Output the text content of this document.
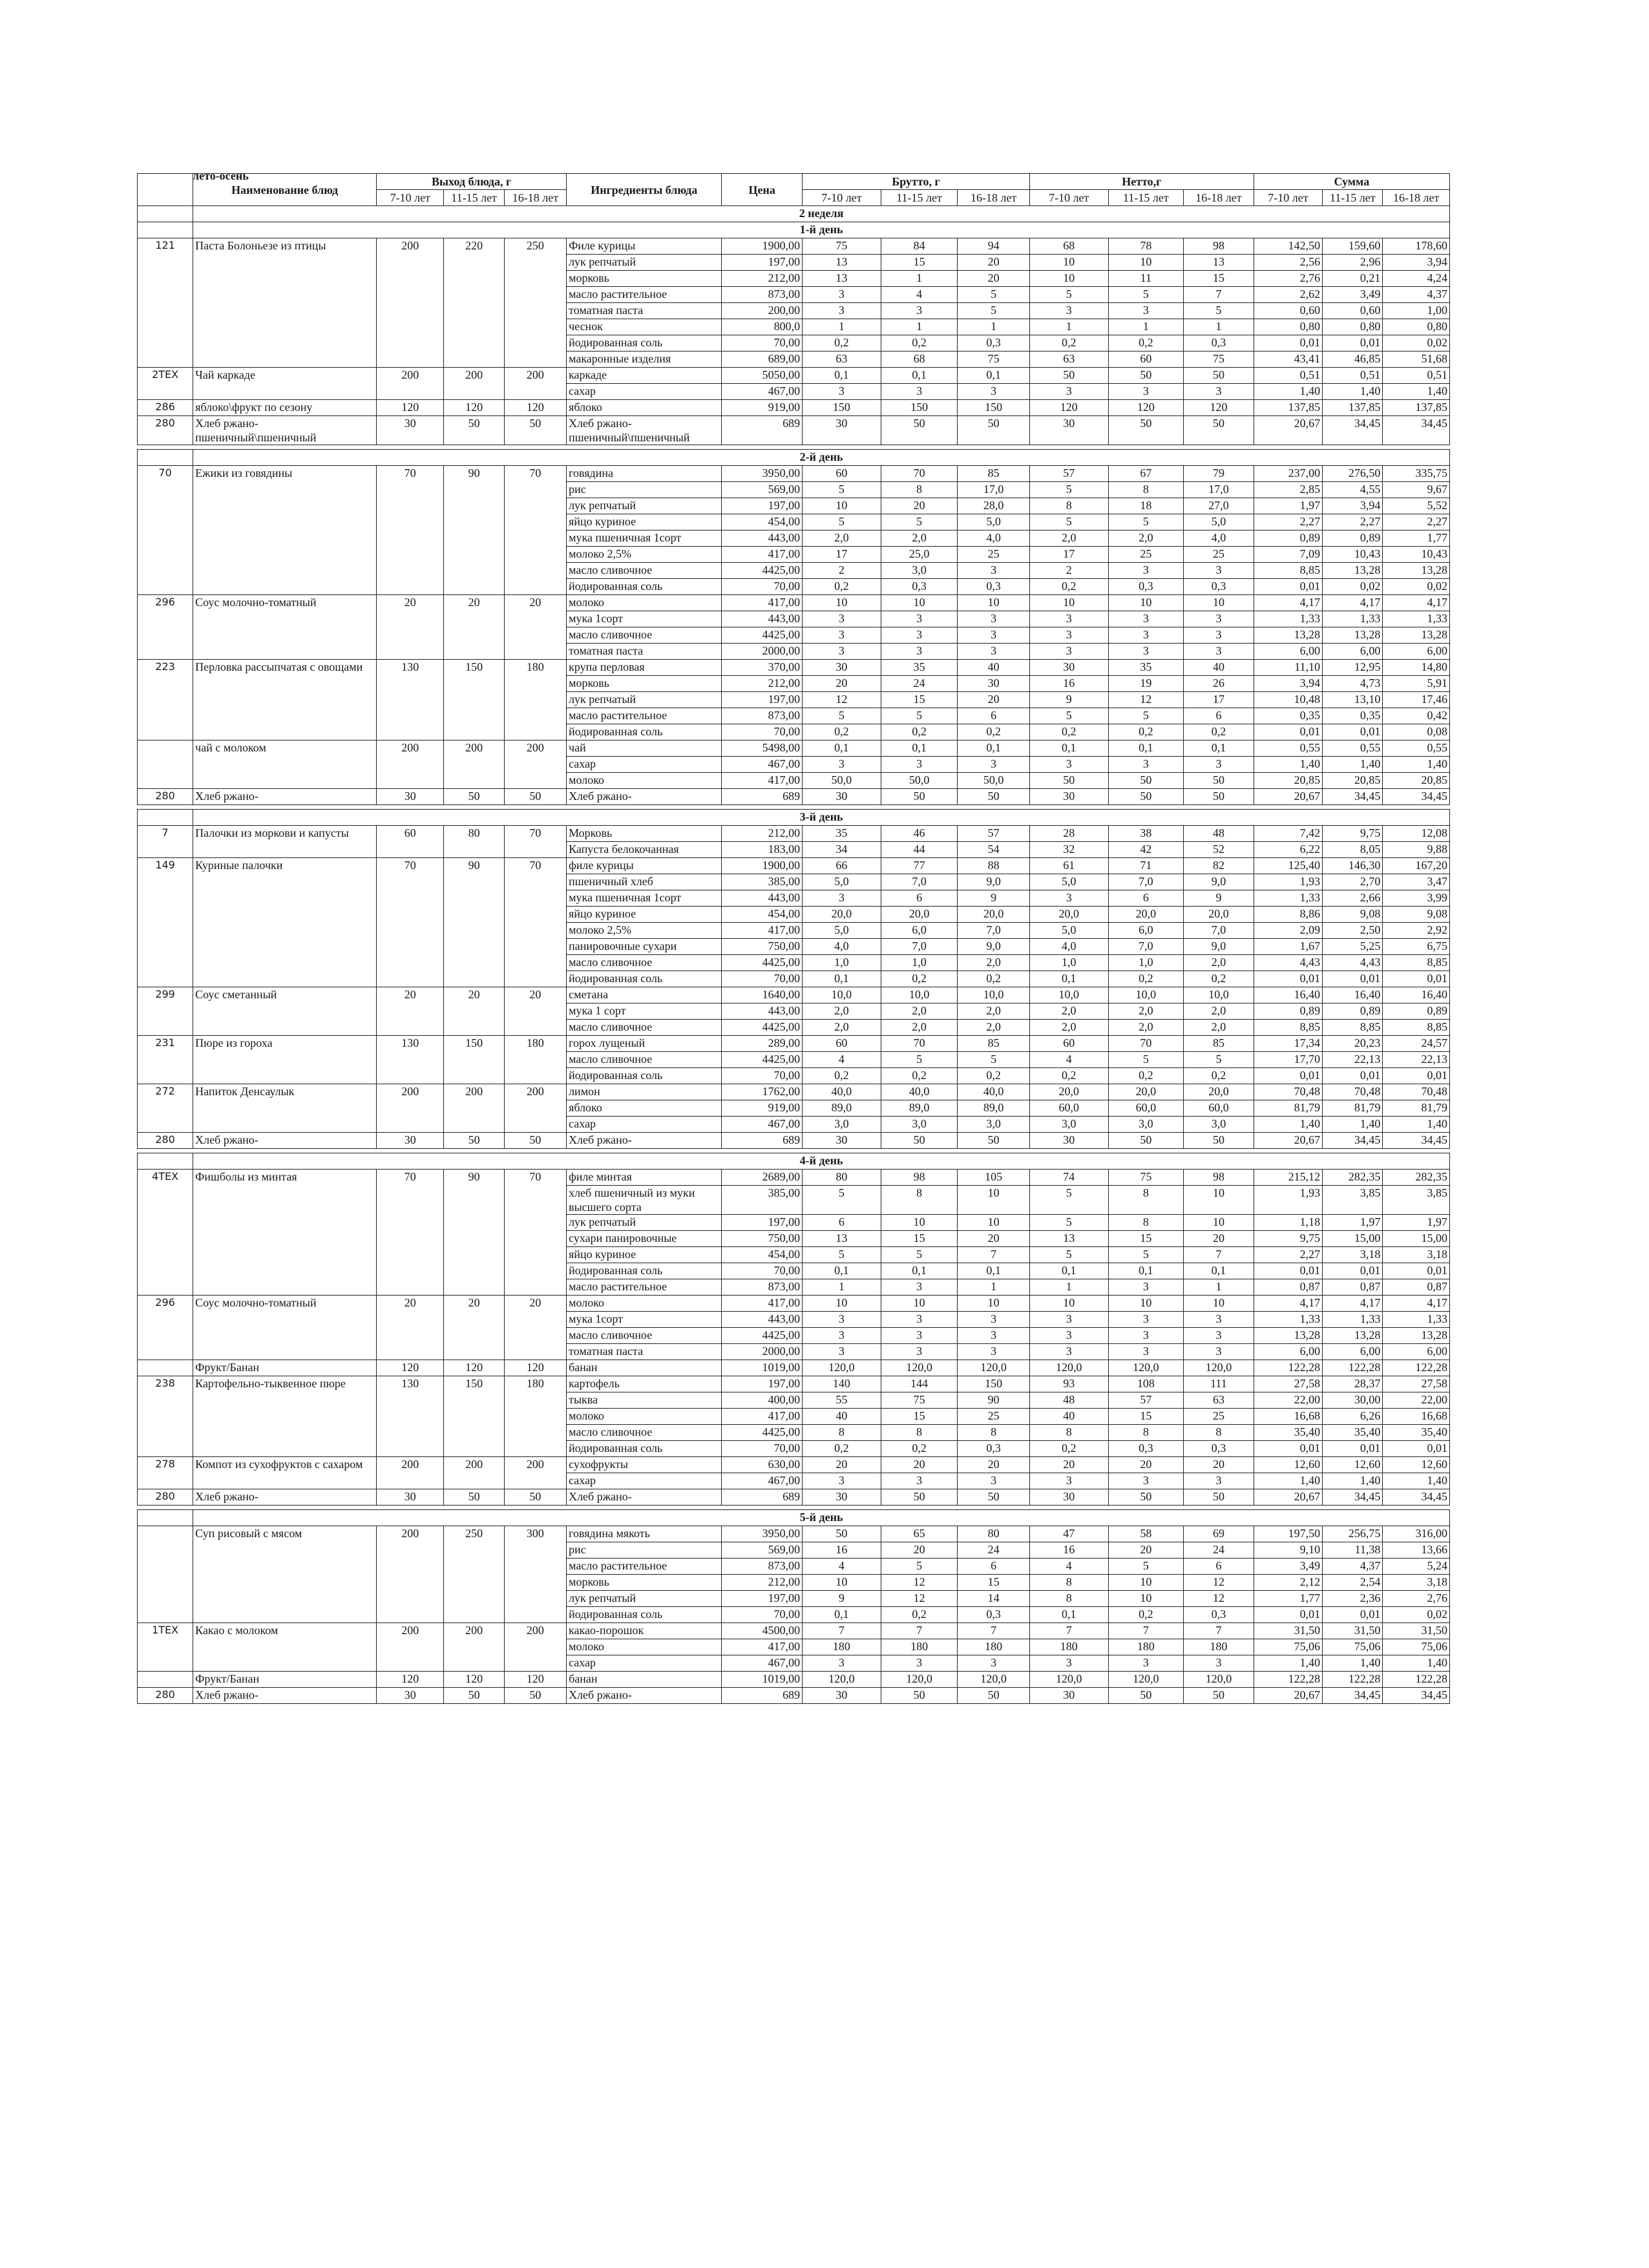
лето-осень
	Наименование блюд	Выход блюда, г			Ингредиенты блюда	Цена	Брутто, г			Нетто,г			Сумма		
		7-10 лет	11-15 лет	16-18 лет			7-10 лет	11-15 лет	16-18 лет	7-10 лет	11-15 лет	16-18 лет	7-10 лет	11-15 лет	16-18 лет
	2 неделя														
	1-й день														
121	Паста Болоньезе из птицы	200	220	250	Филе курицы	1900,00	75	84	94	68	78	98	142,50	159,60	178,60
					лук репчатый	197,00	13	15	20	10	10	13	2,56	2,96	3,94
					морковь	212,00	13	1	20	10	11	15	2,76	0,21	4,24
					масло растительное	873,00	3	4	5	5	5	7	2,62	3,49	4,37
					томатная паста	200,00	3	3	5	3	3	5	0,60	0,60	1,00
					чеснок	800,0	1	1	1	1	1	1	0,80	0,80	0,80
					йодированная соль	70,00	0,2	0,2	0,3	0,2	0,2	0,3	0,01	0,01	0,02
					макаронные изделия	689,00	63	68	75	63	60	75	43,41	46,85	51,68
2ТЕХ	Чай каркаде	200	200	200	каркаде	5050,00	0,1	0,1	0,1	50	50	50	0,51	0,51	0,51
					сахар	467,00	3	3	3	3	3	3	1,40	1,40	1,40
286	яблоко\фрукт по сезону	120	120	120	яблоко	919,00	150	150	150	120	120	120	137,85	137,85	137,85
280	Хлеб ржано-пшеничный\пшеничный	30	50	50	Хлеб ржано-пшеничный\пшеничный	689	30	50	50	30	50	50	20,67	34,45	34,45

	2-й день														
70	Ежики из говядины	70	90	70	говядина	3950,00	60	70	85	57	67	79	237,00	276,50	335,75
					рис	569,00	5	8	17,0	5	8	17,0	2,85	4,55	9,67
					лук репчатый	197,00	10	20	28,0	8	18	27,0	1,97	3,94	5,52
					яйцо куриное	454,00	5	5	5,0	5	5	5,0	2,27	2,27	2,27
					мука пшеничная 1сорт	443,00	2,0	2,0	4,0	2,0	2,0	4,0	0,89	0,89	1,77
					молоко 2,5%	417,00	17	25,0	25	17	25	25	7,09	10,43	10,43
					масло сливочное	4425,00	2	3,0	3	2	3	3	8,85	13,28	13,28
					йодированная соль	70,00	0,2	0,3	0,3	0,2	0,3	0,3	0,01	0,02	0,02
296	Соус молочно-томатный	20	20	20	молоко	417,00	10	10	10	10	10	10	4,17	4,17	4,17
					мука 1сорт	443,00	3	3	3	3	3	3	1,33	1,33	1,33
					масло сливочное	4425,00	3	3	3	3	3	3	13,28	13,28	13,28
					томатная паста	2000,00	3	3	3	3	3	3	6,00	6,00	6,00
223	Перловка рассыпчатая с овощами	130	150	180	крупа перловая	370,00	30	35	40	30	35	40	11,10	12,95	14,80
					морковь	212,00	20	24	30	16	19	26	3,94	4,73	5,91
					лук репчатый	197,00	12	15	20	9	12	17	10,48	13,10	17,46
					масло растительное	873,00	5	5	6	5	5	6	0,35	0,35	0,42
					йодированная соль	70,00	0,2	0,2	0,2	0,2	0,2	0,2	0,01	0,01	0,08
	чай с молоком	200	200	200	чай	5498,00	0,1	0,1	0,1	0,1	0,1	0,1	0,55	0,55	0,55
					сахар	467,00	3	3	3	3	3	3	1,40	1,40	1,40
					молоко	417,00	50,0	50,0	50,0	50	50	50	20,85	20,85	20,85
280	Хлеб ржано-	30	50	50	Хлеб ржано-	689	30	50	50	30	50	50	20,67	34,45	34,45

	3-й день														
7	Палочки из моркови и капусты	60	80	70	Морковь	212,00	35	46	57	28	38	48	7,42	9,75	12,08
					Капуста белокочанная	183,00	34	44	54	32	42	52	6,22	8,05	9,88
149	Куриные палочки	70	90	70	филе курицы	1900,00	66	77	88	61	71	82	125,40	146,30	167,20
					пшеничный хлеб	385,00	5,0	7,0	9,0	5,0	7,0	9,0	1,93	2,70	3,47
					мука пшеничная 1сорт	443,00	3	6	9	3	6	9	1,33	2,66	3,99
					яйцо куриное	454,00	20,0	20,0	20,0	20,0	20,0	20,0	8,86	9,08	9,08
					молоко 2,5%	417,00	5,0	6,0	7,0	5,0	6,0	7,0	2,09	2,50	2,92
					панировочные сухари	750,00	4,0	7,0	9,0	4,0	7,0	9,0	1,67	5,25	6,75
					масло сливочное	4425,00	1,0	1,0	2,0	1,0	1,0	2,0	4,43	4,43	8,85
					йодированная соль	70,00	0,1	0,2	0,2	0,1	0,2	0,2	0,01	0,01	0,01
299	Соус сметанный	20	20	20	сметана	1640,00	10,0	10,0	10,0	10,0	10,0	10,0	16,40	16,40	16,40
					мука 1 сорт	443,00	2,0	2,0	2,0	2,0	2,0	2,0	0,89	0,89	0,89
					масло сливочное	4425,00	2,0	2,0	2,0	2,0	2,0	2,0	8,85	8,85	8,85
231	Пюре из гороха	130	150	180	горох лущеный	289,00	60	70	85	60	70	85	17,34	20,23	24,57
					масло сливочное	4425,00	4	5	5	4	5	5	17,70	22,13	22,13
					йодированная соль	70,00	0,2	0,2	0,2	0,2	0,2	0,2	0,01	0,01	0,01
272	Напиток Денсаулык	200	200	200	лимон	1762,00	40,0	40,0	40,0	20,0	20,0	20,0	70,48	70,48	70,48
					яблоко	919,00	89,0	89,0	89,0	60,0	60,0	60,0	81,79	81,79	81,79
					сахар	467,00	3,0	3,0	3,0	3,0	3,0	3,0	1,40	1,40	1,40
280	Хлеб ржано-	30	50	50	Хлеб ржано-	689	30	50	50	30	50	50	20,67	34,45	34,45

	4-й день														
4ТЕХ	Фишболы из минтая	70	90	70	филе минтая	2689,00	80	98	105	74	75	98	215,12	282,35	282,35
					хлеб пшеничный из муки высшего сорта	385,00	5	8	10	5	8	10	1,93	3,85	3,85
					лук репчатый	197,00	6	10	10	5	8	10	1,18	1,97	1,97
					сухари панировочные	750,00	13	15	20	13	15	20	9,75	15,00	15,00
					яйцо куриное	454,00	5	5	7	5	5	7	2,27	3,18	3,18
					йодированная соль	70,00	0,1	0,1	0,1	0,1	0,1	0,1	0,01	0,01	0,01
					масло растительное	873,00	1	3	1	1	3	1	0,87	0,87	0,87
296	Соус молочно-томатный	20	20	20	молоко	417,00	10	10	10	10	10	10	4,17	4,17	4,17
					мука 1сорт	443,00	3	3	3	3	3	3	1,33	1,33	1,33
					масло сливочное	4425,00	3	3	3	3	3	3	13,28	13,28	13,28
					томатная паста	2000,00	3	3	3	3	3	3	6,00	6,00	6,00
	Фрукт/Банан	120	120	120	банан	1019,00	120,0	120,0	120,0	120,0	120,0	120,0	122,28	122,28	122,28
238	Картофельно-тыквенное пюре	130	150	180	картофель	197,00	140	144	150	93	108	111	27,58	28,37	27,58
					тыква	400,00	55	75	90	48	57	63	22,00	30,00	22,00
					молоко	417,00	40	15	25	40	15	25	16,68	6,26	16,68
					масло сливочное	4425,00	8	8	8	8	8	8	35,40	35,40	35,40
					йодированная соль	70,00	0,2	0,2	0,3	0,2	0,3	0,3	0,01	0,01	0,01
278	Компот из сухофруктов с сахаром	200	200	200	сухофрукты	630,00	20	20	20	20	20	20	12,60	12,60	12,60
					сахар	467,00	3	3	3	3	3	3	1,40	1,40	1,40
280	Хлеб ржано-	30	50	50	Хлеб ржано-	689	30	50	50	30	50	50	20,67	34,45	34,45

	5-й день														
	Суп рисовый с мясом	200	250	300	говядина мякоть	3950,00	50	65	80	47	58	69	197,50	256,75	316,00
					рис	569,00	16	20	24	16	20	24	9,10	11,38	13,66
					масло растительное	873,00	4	5	6	4	5	6	3,49	4,37	5,24
					морковь	212,00	10	12	15	8	10	12	2,12	2,54	3,18
					лук репчатый	197,00	9	12	14	8	10	12	1,77	2,36	2,76
					йодированная соль	70,00	0,1	0,2	0,3	0,1	0,2	0,3	0,01	0,01	0,02
1ТЕХ	Какао с молоком	200	200	200	какао-порошок	4500,00	7	7	7	7	7	7	31,50	31,50	31,50
					молоко	417,00	180	180	180	180	180	180	75,06	75,06	75,06
					сахар	467,00	3	3	3	3	3	3	1,40	1,40	1,40
	Фрукт/Банан	120	120	120	банан	1019,00	120,0	120,0	120,0	120,0	120,0	120,0	122,28	122,28	122,28
280	Хлеб ржано-	30	50	50	Хлеб ржано-	689	30	50	50	30	50	50	20,67	34,45	34,45
